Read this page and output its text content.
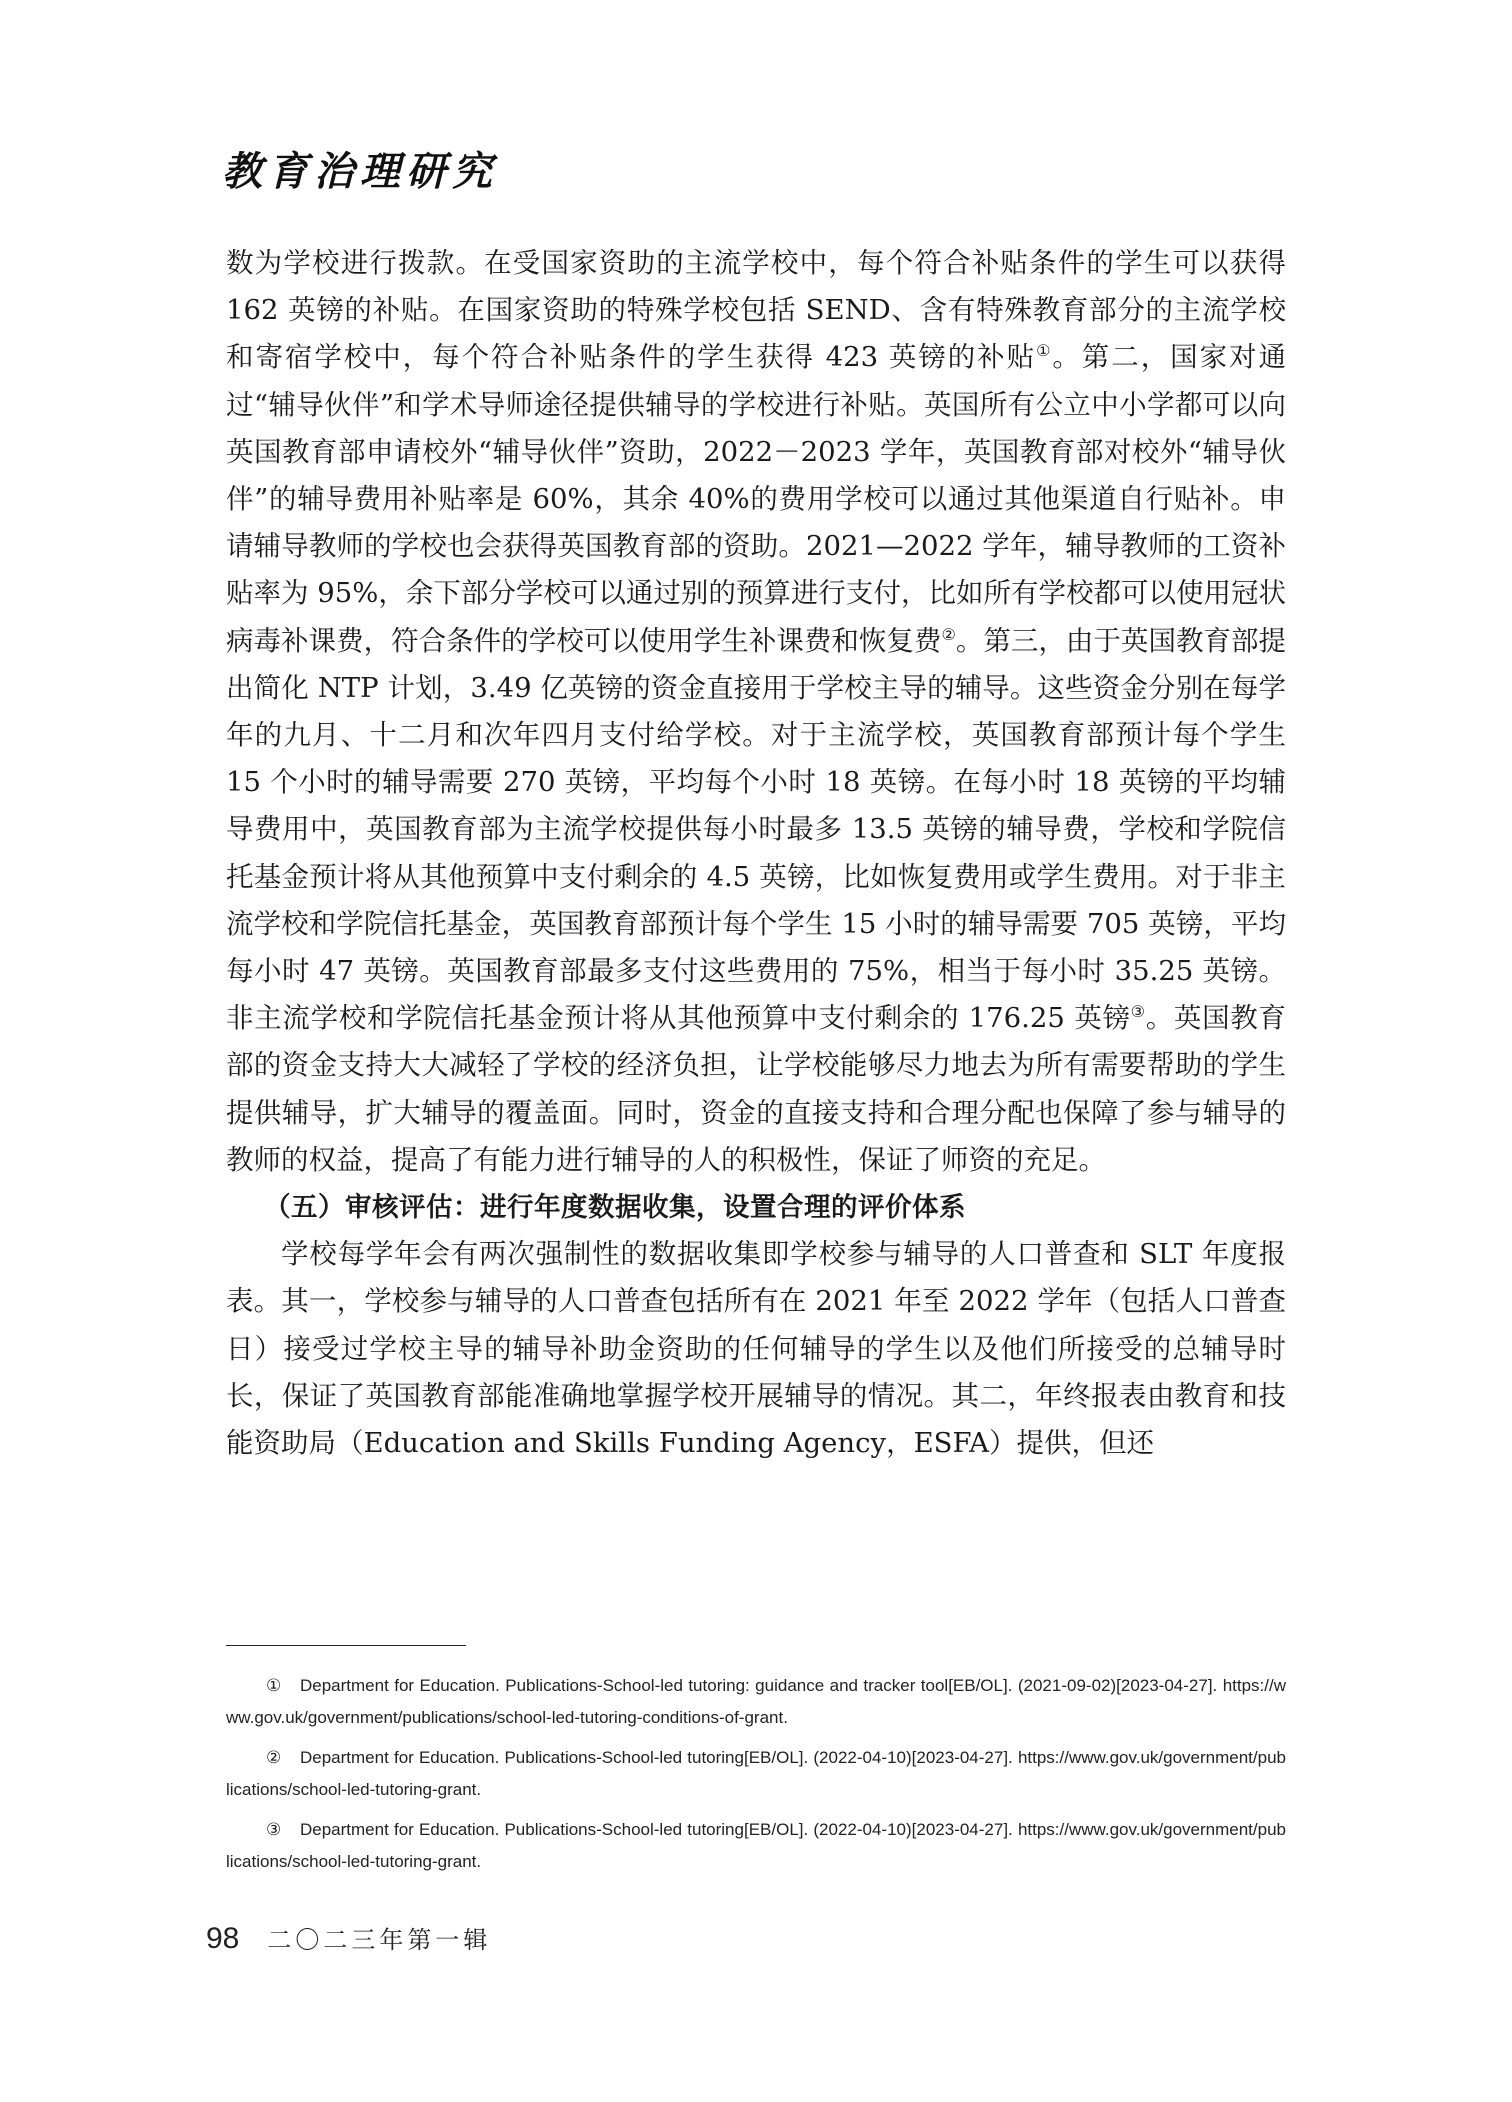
教育治理研究

数为学校进行拨款。在受国家资助的主流学校中，每个符合补贴条件的学生可以获得 162 英镑的补贴。在国家资助的特殊学校包括 SEND、含有特殊教育部分的主流学校和寄宿学校中，每个符合补贴条件的学生获得 423 英镑的补贴①。第二，国家对通过“辅导伙伴”和学术导师途径提供辅导的学校进行补贴。英国所有公立中小学都可以向英国教育部申请校外“辅导伙伴”资助，2022－2023 学年，英国教育部对校外“辅导伙伴”的辅导费用补贴率是 60%，其余 40%的费用学校可以通过其他渠道自行贴补。申请辅导教师的学校也会获得英国教育部的资助。2021—2022 学年，辅导教师的工资补贴率为 95%，余下部分学校可以通过别的预算进行支付，比如所有学校都可以使用冠状病毒补课费，符合条件的学校可以使用学生补课费和恢复费②。第三，由于英国教育部提出简化 NTP 计划，3.49 亿英镑的资金直接用于学校主导的辅导。这些资金分别在每学年的九月、十二月和次年四月支付给学校。对于主流学校，英国教育部预计每个学生 15 个小时的辅导需要 270 英镑，平均每个小时 18 英镑。在每小时 18 英镑的平均辅导费用中，英国教育部为主流学校提供每小时最多 13.5 英镑的辅导费，学校和学院信托基金预计将从其他预算中支付剩余的 4.5 英镑，比如恢复费用或学生费用。对于非主流学校和学院信托基金，英国教育部预计每个学生 15 小时的辅导需要 705 英镑，平均每小时 47 英镑。英国教育部最多支付这些费用的 75%，相当于每小时 35.25 英镑。非主流学校和学院信托基金预计将从其他预算中支付剩余的 176.25 英镑③。英国教育部的资金支持大大减轻了学校的经济负担，让学校能够尽力地去为所有需要帮助的学生提供辅导，扩大辅导的覆盖面。同时，资金的直接支持和合理分配也保障了参与辅导的教师的权益，提高了有能力进行辅导的人的积极性，保证了师资的充足。

（五）审核评估：进行年度数据收集，设置合理的评价体系

学校每学年会有两次强制性的数据收集即学校参与辅导的人口普查和 SLT 年度报表。其一，学校参与辅导的人口普查包括所有在 2021 年至 2022 学年（包括人口普查日）接受过学校主导的辅导补助金资助的任何辅导的学生以及他们所接受的总辅导时长，保证了英国教育部能准确地掌握学校开展辅导的情况。其二，年终报表由教育和技能资助局（Education and Skills Funding Agency，ESFA）提供，但还

① Department for Education. Publications-School-led tutoring: guidance and tracker tool[EB/OL]. (2021-09-02)[2023-04-27]. https://www.gov.uk/government/publications/school-led-tutoring-conditions-of-grant.
② Department for Education. Publications-School-led tutoring[EB/OL]. (2022-04-10)[2023-04-27]. https://www.gov.uk/government/publications/school-led-tutoring-grant.
③ Department for Education. Publications-School-led tutoring[EB/OL]. (2022-04-10)[2023-04-27]. https://www.gov.uk/government/publications/school-led-tutoring-grant.
98 二〇二三年第一辑
